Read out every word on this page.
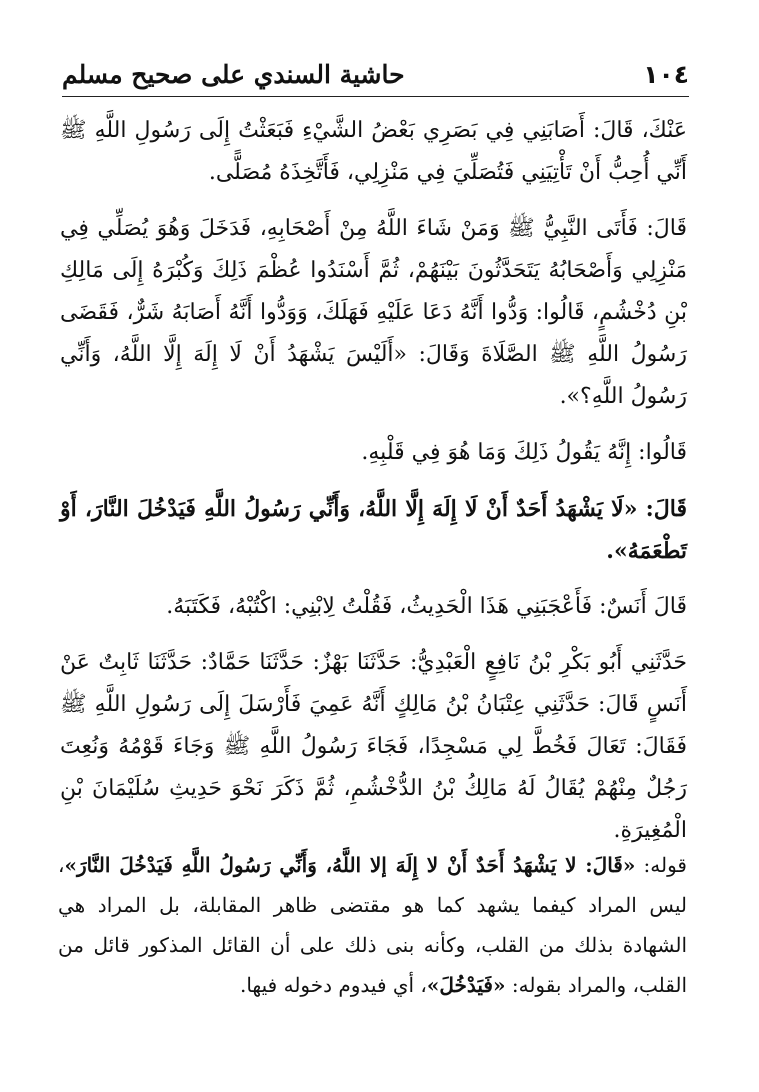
١٠٤
حاشية السندي على صحيح مسلم

عَنْكَ، قَالَ: أَصَابَنِي فِي بَصَرِي بَعْضُ الشَّيْءِ فَبَعَثْتُ إِلَى رَسُولِ اللَّهِ ﷺ أَنِّي أُحِبُّ أَنْ تَأْتِيَنِي فَتُصَلِّيَ فِي مَنْزِلِي، فَأَتَّخِذَهُ مُصَلًّى.

قَالَ: فَأَتَى النَّبِيُّ ﷺ وَمَنْ شَاءَ اللَّهُ مِنْ أَصْحَابِهِ، فَدَخَلَ وَهُوَ يُصَلِّي فِي مَنْزِلِي وَأَصْحَابُهُ يَتَحَدَّثُونَ بَيْنَهُمْ، ثُمَّ أَسْنَدُوا عُظْمَ ذَلِكَ وَكُبْرَهُ إِلَى مَالِكِ بْنِ دُخْشُمٍ، قَالُوا: وَدُّوا أَنَّهُ دَعَا عَلَيْهِ فَهَلَكَ، وَوَدُّوا أَنَّهُ أَصَابَهُ شَرٌّ، فَقَضَى رَسُولُ اللَّهِ ﷺ الصَّلَاةَ وَقَالَ: «أَلَيْسَ يَشْهَدُ أَنْ لَا إِلَهَ إِلَّا اللَّهُ، وَأَنِّي رَسُولُ اللَّهِ؟».

قَالُوا: إِنَّهُ يَقُولُ ذَلِكَ وَمَا هُوَ فِي قَلْبِهِ.

قَالَ: «لَا يَشْهَدُ أَحَدٌ أَنْ لَا إِلَهَ إِلَّا اللَّهُ، وَأَنِّي رَسُولُ اللَّهِ فَيَدْخُلَ النَّارَ، أَوْ تَطْعَمَهُ».

قَالَ أَنَسٌ: فَأَعْجَبَنِي هَذَا الْحَدِيثُ، فَقُلْتُ لِابْنِي: اكْتُبْهُ، فَكَتَبَهُ.

حَدَّثَنِي أَبُو بَكْرِ بْنُ نَافِعٍ الْعَبْدِيُّ: حَدَّثَنَا بَهْزٌ: حَدَّثَنَا حَمَّادٌ: حَدَّثَنَا ثَابِتٌ عَنْ أَنَسٍ قَالَ: حَدَّثَنِي عِتْبَانُ بْنُ مَالِكٍ أَنَّهُ عَمِيَ فَأَرْسَلَ إِلَى رَسُولِ اللَّهِ ﷺ فَقَالَ: تَعَالَ فَخُطَّ لِي مَسْجِدًا، فَجَاءَ رَسُولُ اللَّهِ ﷺ وَجَاءَ قَوْمُهُ وَنُعِتَ رَجُلٌ مِنْهُمْ يُقَالُ لَهُ مَالِكُ بْنُ الدُّخْشُمِ، ثُمَّ ذَكَرَ نَحْوَ حَدِيثِ سُلَيْمَانَ بْنِ الْمُغِيرَةِ.

قوله: «قَالَ: لا يَشْهَدُ أَحَدٌ أَنْ لا إِلَهَ إلا اللَّهُ، وَأَنِّي رَسُولُ اللَّهِ فَيَدْخُلَ النَّارَ»، ليس المراد كيفما يشهد كما هو مقتضى ظاهر المقابلة، بل المراد هي الشهادة بذلك من القلب، وكأنه بنى ذلك على أن القائل المذكور قائل من القلب، والمراد بقوله: «فَيَدْخُلَ»، أي فيدوم دخوله فيها.
